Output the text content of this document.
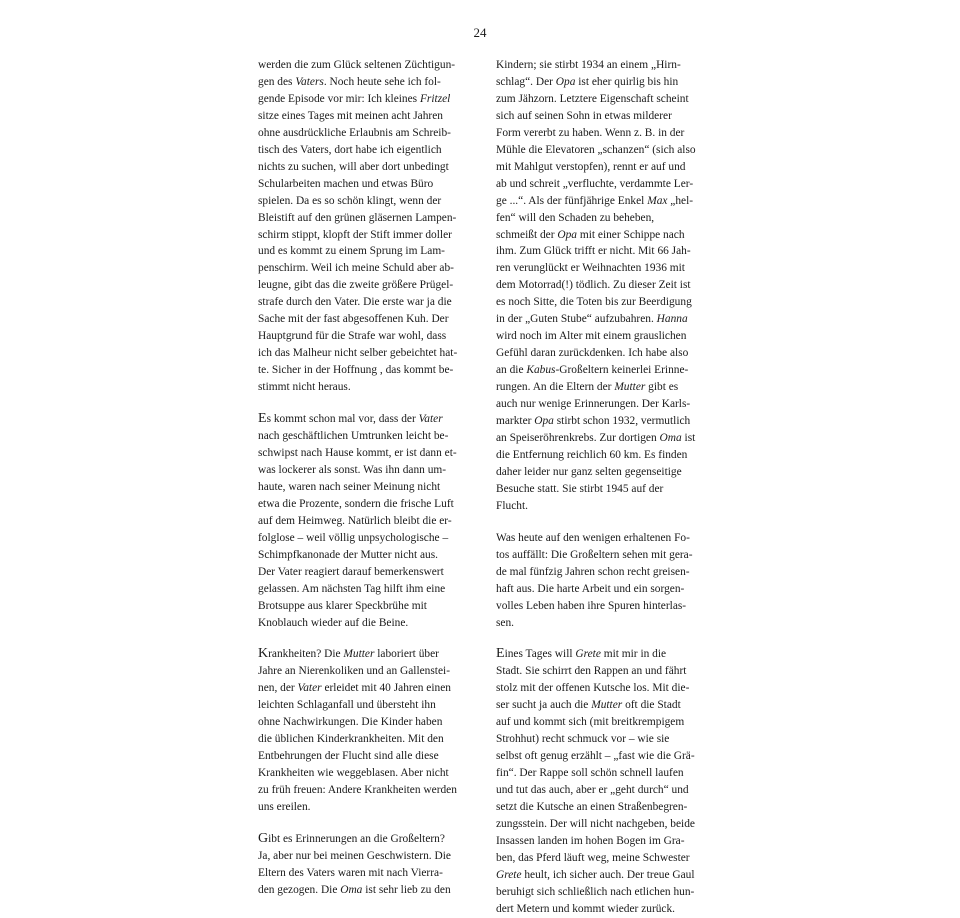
24

werden die zum Glück seltenen Züchtigun-
gen des Vaters. Noch heute sehe ich fol-
gende Episode vor mir: Ich kleines Fritzel
sitze eines Tages mit meinen acht Jahren
ohne ausdrückliche Erlaubnis am Schreib-
tisch des Vaters, dort habe ich eigentlich
nichts zu suchen, will aber dort unbedingt
Schularbeiten machen und etwas Büro
spielen. Da es so schön klingt, wenn der
Bleistift auf den grünen gläsernen Lampen-
schirm stippt, klopft der Stift immer doller
und es kommt zu einem Sprung im Lam-
penschirm. Weil ich meine Schuld aber ab-
leugne, gibt das die zweite größere Prügel-
strafe durch den Vater. Die erste war ja die
Sache mit der fast abgesoffenen Kuh. Der
Hauptgrund für die Strafe war wohl, dass
ich das Malheur nicht selber gebeichtet hat-
te. Sicher in der Hoffnung , das kommt be-
stimmt nicht heraus.

Es kommt schon mal vor, dass der Vater
nach geschäftlichen Umtrunken leicht be-
schwipst nach Hause kommt, er ist dann et-
was lockerer als sonst. Was ihn dann um-
haute, waren nach seiner Meinung nicht
etwa die Prozente, sondern die frische Luft
auf dem Heimweg. Natürlich bleibt die er-
folglose – weil völlig unpsychologische –
Schimpfkanonade der Mutter nicht aus.
Der Vater reagiert darauf bemerkenswert
gelassen. Am nächsten Tag hilft ihm eine
Brotsuppe aus klarer Speckbrühe mit
Knoblauch wieder auf die Beine.

Krankheiten? Die Mutter laboriert über
Jahre an Nierenkoliken und an Gallenstei-
nen, der Vater erleidet mit 40 Jahren einen
leichten Schlaganfall und übersteht ihn
ohne Nachwirkungen. Die Kinder haben
die üblichen Kinderkrankheiten. Mit den
Entbehrungen der Flucht sind alle diese
Krankheiten wie weggeblasen. Aber nicht
zu früh freuen: Andere Krankheiten werden
uns ereilen.

Gibt es Erinnerungen an die Großeltern?
Ja, aber nur bei meinen Geschwistern. Die
Eltern des Vaters waren mit nach Vierra-
den gezogen. Die Oma ist sehr lieb zu den

Kindern; sie stirbt 1934 an einem „Hirn-
schlag“. Der Opa ist eher quirlig bis hin
zum Jähzorn. Letztere Eigenschaft scheint
sich auf seinen Sohn in etwas milderer
Form vererbt zu haben. Wenn z. B. in der
Mühle die Elevatoren „schanzen“ (sich also
mit Mahlgut verstopfen), rennt er auf und
ab und schreit „verfluchte, verdammte Ler-
ge ...“. Als der fünfjährige Enkel Max „hel-
fen“ will den Schaden zu beheben,
schmeißt der Opa mit einer Schippe nach
ihm. Zum Glück trifft er nicht. Mit 66 Jah-
ren verunglückt er Weihnachten 1936 mit
dem Motorrad(!) tödlich. Zu dieser Zeit ist
es noch Sitte, die Toten bis zur Beerdigung
in der „Guten Stube“ aufzubahren. Hanna
wird noch im Alter mit einem grauslichen
Gefühl daran zurückdenken. Ich habe also
an die Kabus-Großeltern keinerlei Erinne-
rungen. An die Eltern der Mutter gibt es
auch nur wenige Erinnerungen. Der Karls-
markter Opa stirbt schon 1932, vermutlich
an Speiseröhrenkrebs. Zur dortigen Oma ist
die Entfernung reichlich 60 km. Es finden
daher leider nur ganz selten gegenseitige
Besuche statt. Sie stirbt 1945 auf der
Flucht.

Was heute auf den wenigen erhaltenen Fo-
tos auffällt: Die Großeltern sehen mit gera-
de mal fünfzig Jahren schon recht greisen-
haft aus. Die harte Arbeit und ein sorgen-
volles Leben haben ihre Spuren hinterlas-
sen.

Eines Tages will Grete mit mir in die
Stadt. Sie schirrt den Rappen an und fährt
stolz mit der offenen Kutsche los. Mit die-
ser sucht ja auch die Mutter oft die Stadt
auf und kommt sich (mit breitkrempigem
Strohhut) recht schmuck vor – wie sie
selbst oft genug erzählt – „fast wie die Grä-
fin“. Der Rappe soll schön schnell laufen
und tut das auch, aber er „geht durch“ und
setzt die Kutsche an einen Straßenbegren-
zungsstein. Der will nicht nachgeben, beide
Insassen landen im hohen Bogen im Gra-
ben, das Pferd läuft weg, meine Schwester
Grete heult, ich sicher auch. Der treue Gaul
beruhigt sich schließlich nach etlichen hun-
dert Metern und kommt wieder zurück.
